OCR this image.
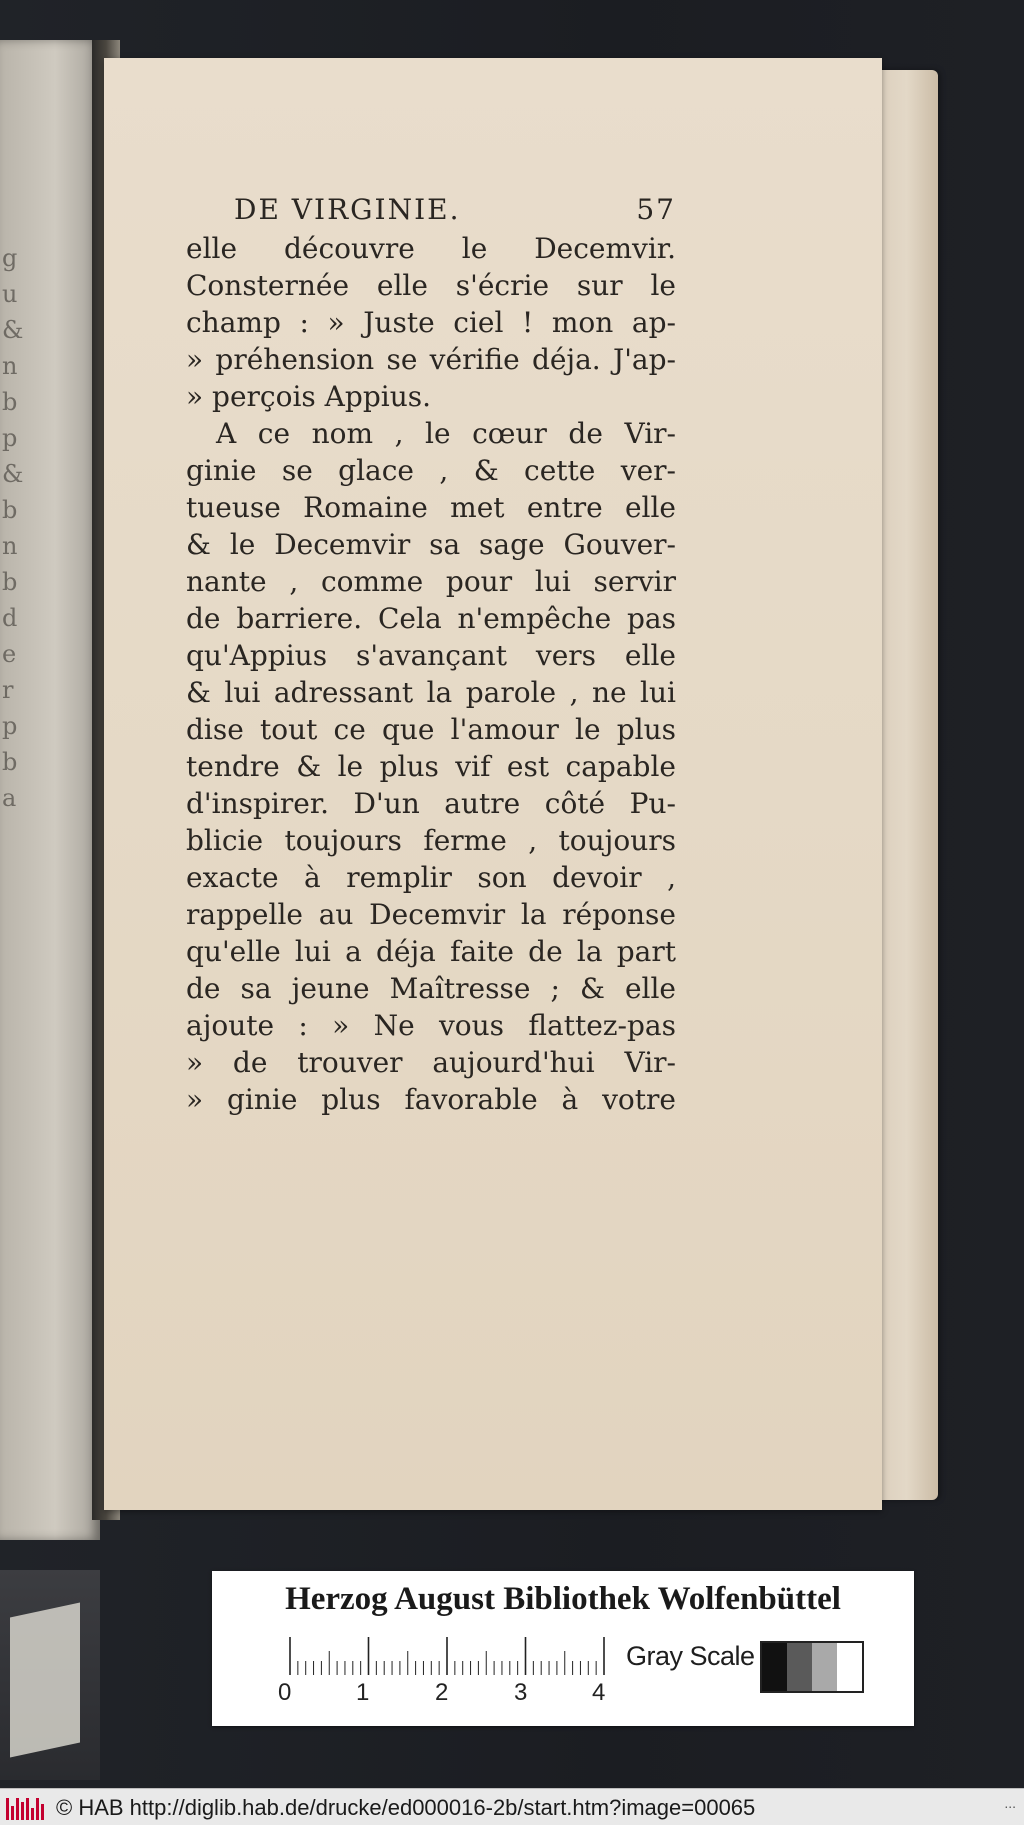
g
u
&
n
b
p
&
b
n
b
d
e
r
p
b
a
DE VIRGINIE.	57
elle découvre le Decemvir.
Consternée elle s'écrie sur le
champ : » Juste ciel ! mon ap-
» préhension se vérifie déja. J'ap-
» perçois Appius.
A ce nom , le cœur de Vir-
ginie se glace , & cette ver-
tueuse Romaine met entre elle
& le Decemvir sa sage Gouver-
nante , comme pour lui servir
de barriere. Cela n'empêche pas
qu'Appius s'avançant vers elle
& lui adressant la parole , ne lui
dise tout ce que l'amour le plus
tendre & le plus vif est capable
d'inspirer. D'un autre côté Pu-
blicie toujours ferme , toujours
exacte à remplir son devoir ,
rappelle au Decemvir la réponse
qu'elle lui a déja faite de la part
de sa jeune Maîtresse ; & elle
ajoute : » Ne vous flattez-pas
» de trouver aujourd'hui Vir-
» ginie plus favorable à votre
Herzog August Bibliothek Wolfenbüttel
0	1	2	3	4
Gray Scale
© HAB http://diglib.hab.de/drucke/ed000016-2b/start.htm?image=00065	...
